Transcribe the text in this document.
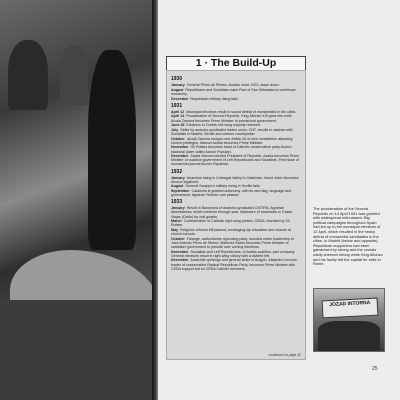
1 · The Build-Up
1930
January General Primo de Rivera, dictator since 1923, steps down.
August Republicans and Socialists make Pact of San Sebastian to overthrow monarchy.
December Republican military rising fails.
1931
April 12 Municipal elections result in sound defeat of monarchists in the cities.
April 14 Proclamation of Second Republic. King Alfonso XIII goes into exile. Alcalá Zamora becomes Prime Minister of provisional government.
June 28 Elections to Cortes; left-wing majority returned.
July Strike by anarcho-syndicalist trades union, CNT, results in clashes with Socialists in Madrid, Seville and centres countrywide.
October Alcalá Zamora resigns over Article 26 of new constitution attacking church privileges. Manuel Azaña becomes Prime Minister.
November Gil Robles becomes head of Catholic conservative party Acción Nacional (later called Acción Popular).
December Alcalá Zamora elected President of Republic. Azaña becomes Prime Minister of coalition government of Left Republicans and Socialists. First issue of monarchist journal Acción Española.
1932
January Anarchist rising in Llobregat Valley in Catalonia. Jesuit order dissolved, divorce legalized.
August General Sanjurjo's military rising in Seville fails.
September Catalonia is granted autonomy, with its own flag, language and government. Agrarian Reform Law passed.
1933
January Revolt in Barcelona of anarcho-syndicalist CNT/FAI. Agrarian disturbances, which continue through year. Massacre of anarchists in Casas Viejas (Cádiz) by civil guards.
March Confederation of Catholic right-wing parties, CEDA, founded by Gil Robles.
May Religious reforms bill passed, envisaging lay education and closure of church schools.
October Falange, authoritarian right-wing party, founded under leadership of José Antonio Primo de Rivera. Martínez Barrio becomes Prime Minister of caretaker government to preside over coming elections.
November Socialists and Left Republicans, of Azaña coalition, part company. General elections result in right-wing victory with a divided left.
December Anarchist uprisings and general strike in Aragón. Alejandro Lerroux, leader of conservative Radical Republican Party, becomes Prime Minister with CEDA support but no CEDA Cabinet members.
continued on page 42
The proclamation of the Second Republic on 14 April 1931 was greeted with widespread enthusiasm. Big political campaigns throughout Spain had led up to the municipal elections of 12 April, which resulted in the heavy defeat of monarchist candidates in the cities. In Madrid (below and opposite), Republican supporters had been galvanized by strong and the crowds wildly cheered victory while King Alfonso and his family left the capital for exile in Rome.
JOZAD INTORNA
25
